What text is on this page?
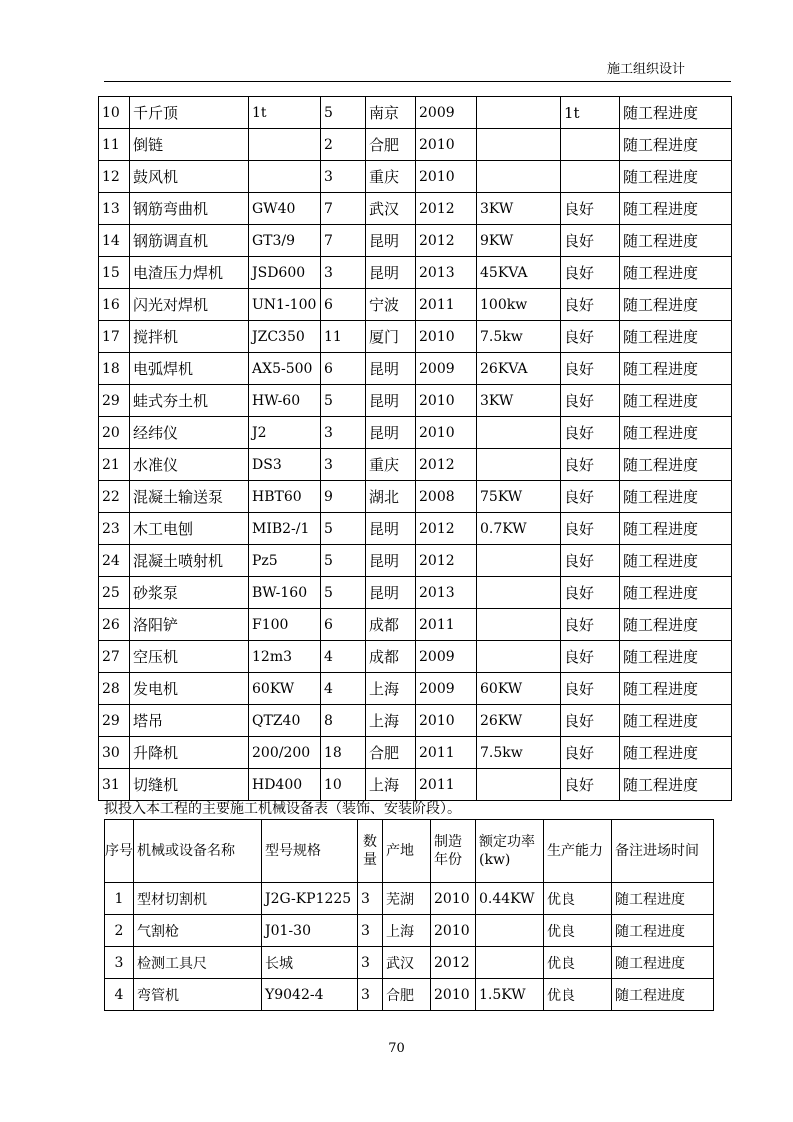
施工组织设计
10	千斤顶	1t	5	南京	2009		1t	随工程进度
11	倒链		2	合肥	2010			随工程进度
12	鼓风机		3	重庆	2010			随工程进度
13	钢筋弯曲机	GW40	7	武汉	2012	3KW	良好	随工程进度
14	钢筋调直机	GT3/9	7	昆明	2012	9KW	良好	随工程进度
15	电渣压力焊机	JSD600	3	昆明	2013	45KVA	良好	随工程进度
16	闪光对焊机	UN1-100	6	宁波	2011	100kw	良好	随工程进度
17	搅拌机	JZC350	11	厦门	2010	7.5kw	良好	随工程进度
18	电弧焊机	AX5-500	6	昆明	2009	26KVA	良好	随工程进度
29	蛙式夯土机	HW-60	5	昆明	2010	3KW	良好	随工程进度
20	经纬仪	J2	3	昆明	2010		良好	随工程进度
21	水准仪	DS3	3	重庆	2012		良好	随工程进度
22	混凝土输送泵	HBT60	9	湖北	2008	75KW	良好	随工程进度
23	木工电刨	MIB2-/1	5	昆明	2012	0.7KW	良好	随工程进度
24	混凝土喷射机	Pz5	5	昆明	2012		良好	随工程进度
25	砂浆泵	BW-160	5	昆明	2013		良好	随工程进度
26	洛阳铲	F100	6	成都	2011		良好	随工程进度
27	空压机	12m3	4	成都	2009		良好	随工程进度
28	发电机	60KW	4	上海	2009	60KW	良好	随工程进度
29	塔吊	QTZ40	8	上海	2010	26KW	良好	随工程进度
30	升降机	200/200	18	合肥	2011	7.5kw	良好	随工程进度
31	切缝机	HD400	10	上海	2011		良好	随工程进度
拟投入本工程的主要施工机械设备表（装饰、安装阶段）。
序号	机械或设备名称	型号规格	数量	产地	制造年份	额定功率(kw)	生产能力	备注进场时间
1	型材切割机	J2G-KP1225	3	芜湖	2010	0.44KW	优良	随工程进度
2	气割枪	J01-30	3	上海	2010		优良	随工程进度
3	检测工具尺	长城	3	武汉	2012		优良	随工程进度
4	弯管机	Y9042-4	3	合肥	2010	1.5KW	优良	随工程进度
70
